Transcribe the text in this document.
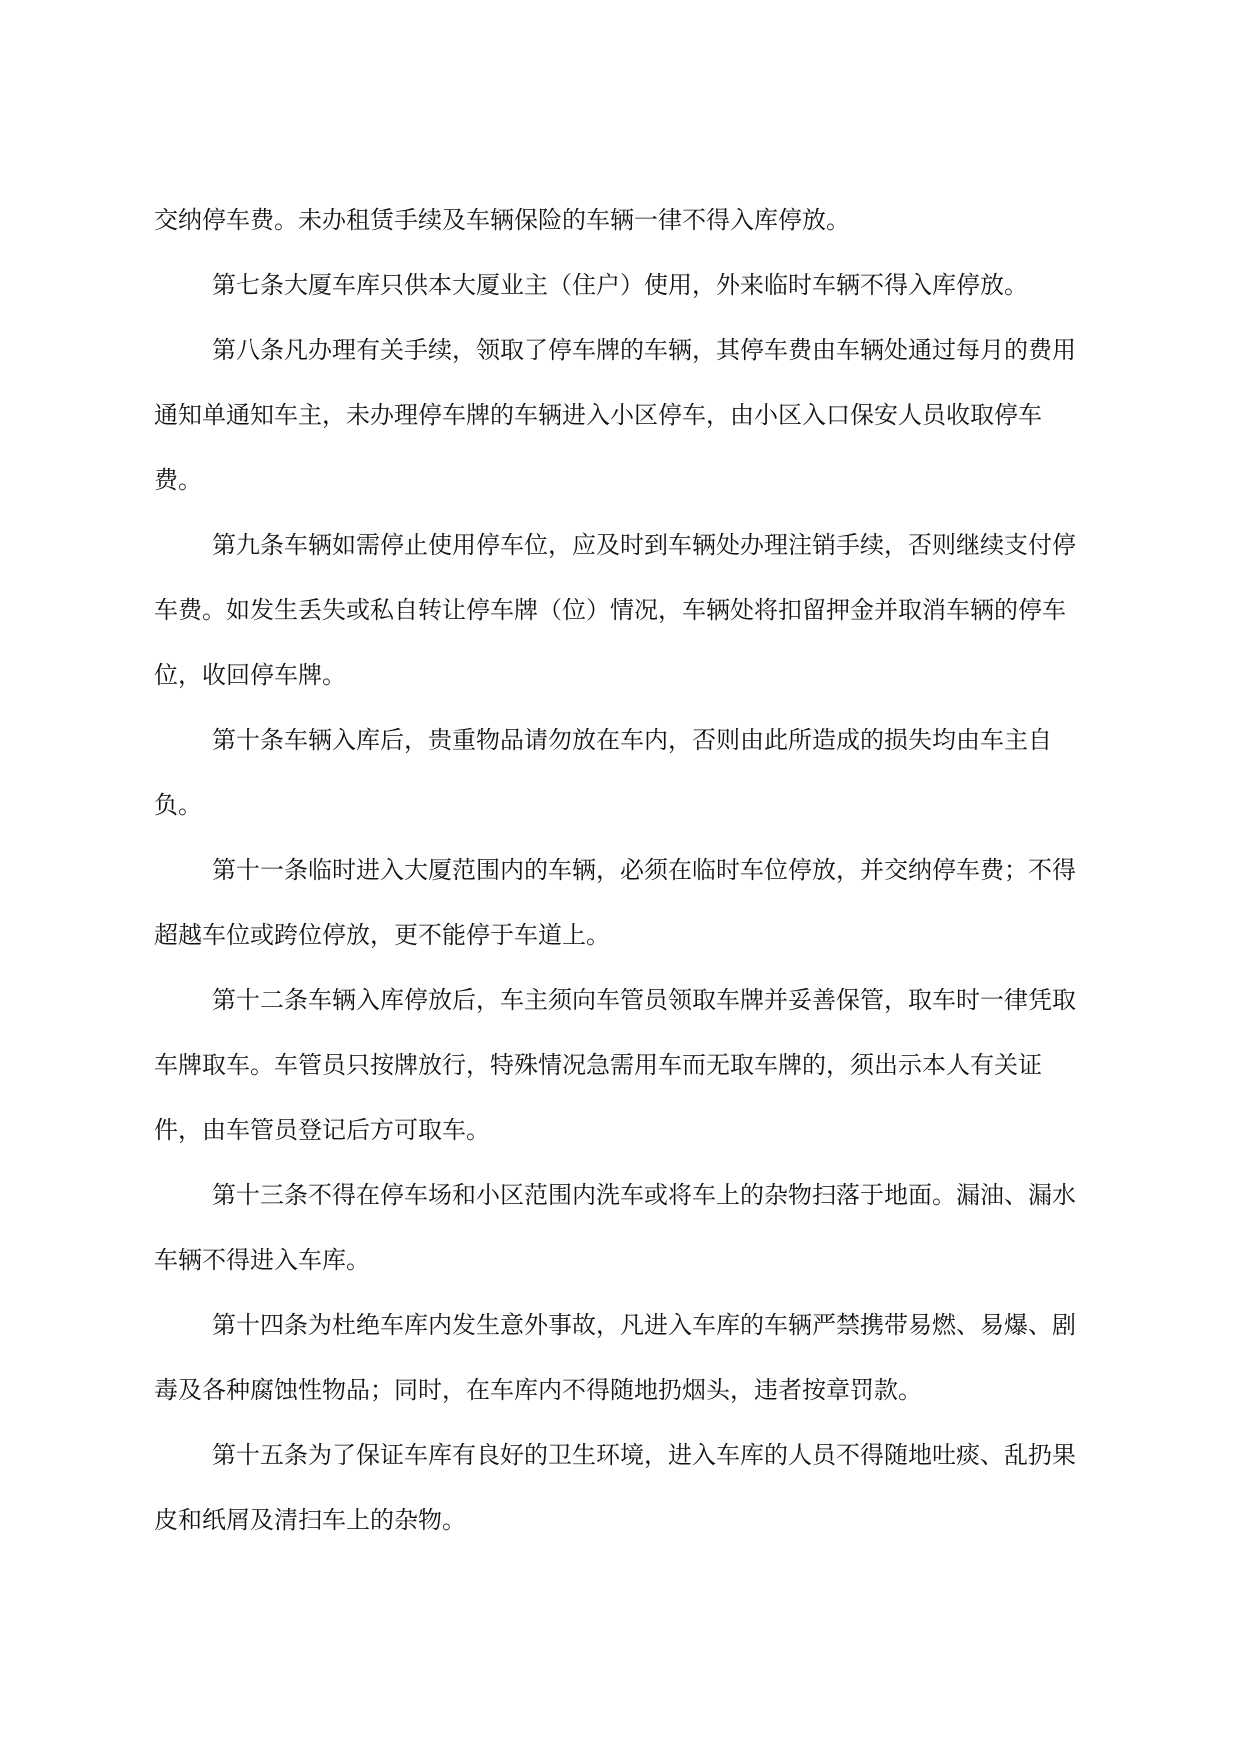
交纳停车费。未办租赁手续及车辆保险的车辆一律不得入库停放。

第七条大厦车库只供本大厦业主（住户）使用，外来临时车辆不得入库停放。

第八条凡办理有关手续，领取了停车牌的车辆，其停车费由车辆处通过每月的费用通知单通知车主，未办理停车牌的车辆进入小区停车，由小区入口保安人员收取停车费。

第九条车辆如需停止使用停车位，应及时到车辆处办理注销手续，否则继续支付停车费。如发生丢失或私自转让停车牌（位）情况，车辆处将扣留押金并取消车辆的停车位，收回停车牌。

第十条车辆入库后，贵重物品请勿放在车内，否则由此所造成的损失均由车主自负。

第十一条临时进入大厦范围内的车辆，必须在临时车位停放，并交纳停车费；不得超越车位或跨位停放，更不能停于车道上。

第十二条车辆入库停放后，车主须向车管员领取车牌并妥善保管，取车时一律凭取车牌取车。车管员只按牌放行，特殊情况急需用车而无取车牌的，须出示本人有关证件，由车管员登记后方可取车。

第十三条不得在停车场和小区范围内洗车或将车上的杂物扫落于地面。漏油、漏水车辆不得进入车库。

第十四条为杜绝车库内发生意外事故，凡进入车库的车辆严禁携带易燃、易爆、剧毒及各种腐蚀性物品；同时，在车库内不得随地扔烟头，违者按章罚款。

第十五条为了保证车库有良好的卫生环境，进入车库的人员不得随地吐痰、乱扔果皮和纸屑及清扫车上的杂物。
